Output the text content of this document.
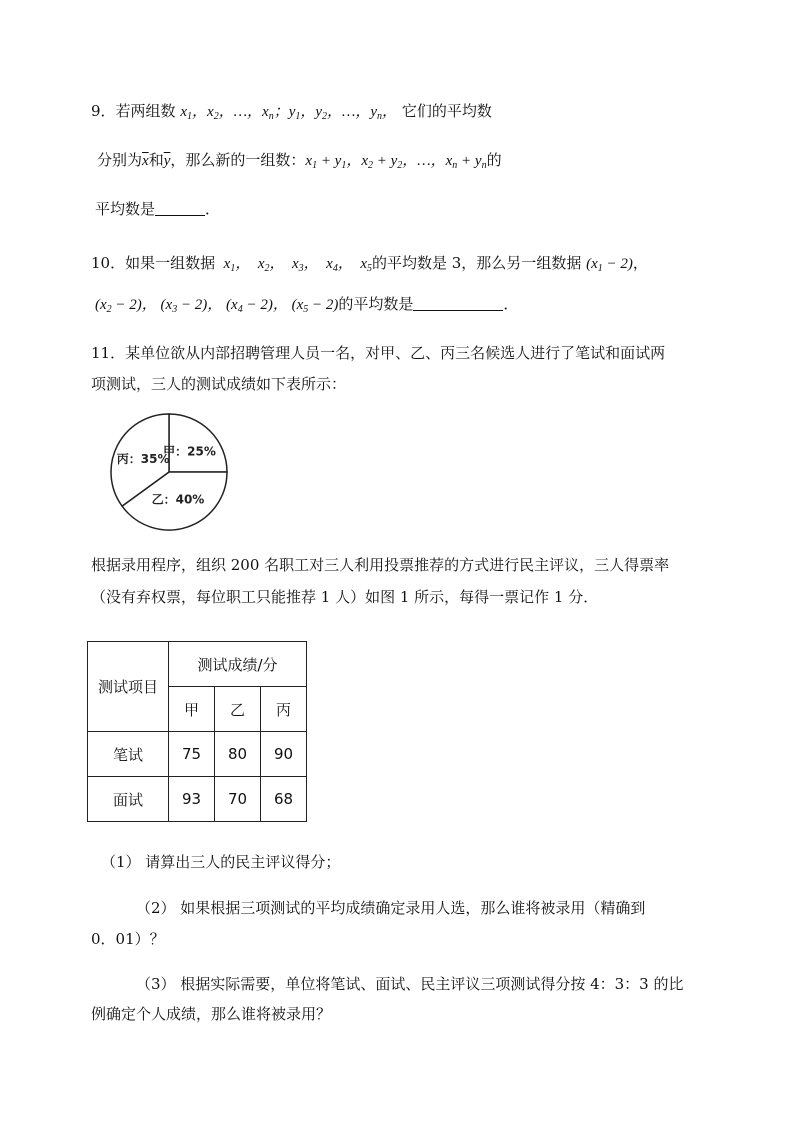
9．若两组数 $x_1$，$x_2$，…，$x_n$；$y_1$，$y_2$，…，$y_n$， 它们的平均数
分别为$\overline{x}$和$\overline{y}$，那么新的一组数：$x_1 + y_1$，$x_2 + y_2$，…，$x_n + y_n$的
平均数是	．
10．如果一组数据  $x_1$，  $x_2$，  $x_3$，  $x_4$，  $x_5$的平均数是 3，那么另一组数据 $(x_1 - 2)$，
$(x_2 - 2)$， $(x_3 - 2)$， $(x_4 - 2)$， $(x_5 - 2)$的平均数是	．
11．某单位欲从内部招聘管理人员一名，对甲、乙、丙三名候选人进行了笔试和面试两
项测试，三人的测试成绩如下表所示：
甲：25%
乙：40%
丙：35%
根据录用程序，组织 200 名职工对三人利用投票推荐的方式进行民主评议，三人得票率
（没有弃权票，每位职工只能推荐 1 人）如图 1 所示，每得一票记作 1 分．
测试项目	测试成绩/分		
	甲	乙	丙
笔试	75	80	90
面试	93	70	68
（1） 请算出三人的民主评议得分；
（2） 如果根据三项测试的平均成绩确定录用人选，那么谁将被录用（精确到
0．01）？
（3） 根据实际需要，单位将笔试、面试、民主评议三项测试得分按 4：3：3 的比
例确定个人成绩，那么谁将被录用？
